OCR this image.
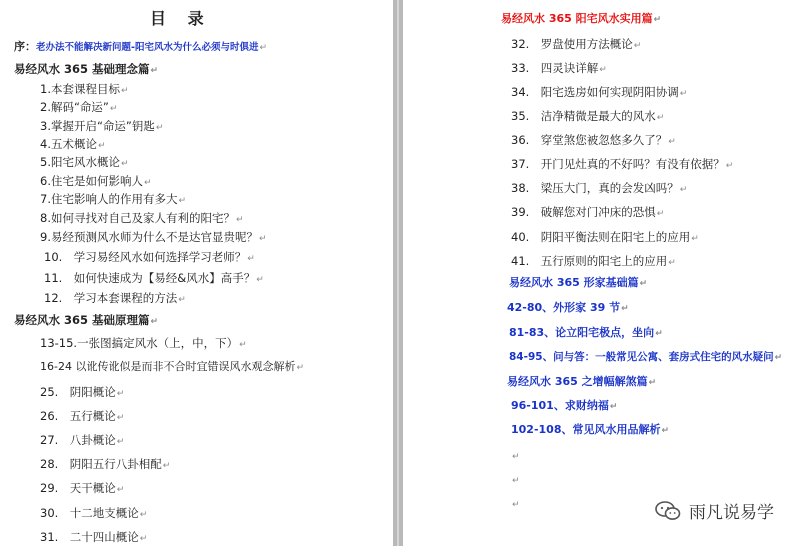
目 录
序：老办法不能解决新问题-阳宅风水为什么必须与时俱进↵
易经风水 365 基础理念篇↵
1.本套课程目标↵
2.解码“命运”↵
3.掌握开启“命运”钥匙↵
4.五术概论↵
5.阳宅风水概论↵
6.住宅是如何影响人↵
7.住宅影响人的作用有多大↵
8.如何寻找对自己及家人有利的阳宅？↵
9.易经预测风水师为什么不是达官显贵呢？↵
10.　学习易经风水如何选择学习老师？↵
11.　如何快速成为【易经&风水】高手？↵
12.　学习本套课程的方法↵
易经风水 365 基础原理篇↵
13-15.一张图搞定风水（上，中，下）↵
16-24 以讹传讹似是而非不合时宜错误风水观念解析↵
25.　阴阳概论↵
26.　五行概论↵
27.　八卦概论↵
28.　阴阳五行八卦相配↵
29.　天干概论↵
30.　十二地支概论↵
31.　二十四山概论↵
易经风水 365 阳宅风水实用篇↵
32.　罗盘使用方法概论↵
33.　四灵诀详解↵
34.　阳宅选房如何实现阴阳协调↵
35.　洁净精微是最大的风水↵
36.　穿堂煞您被忽悠多久了？↵
37.　开门见灶真的不好吗？有没有依据？↵
38.　梁压大门，真的会发凶吗？↵
39.　破解您对门冲床的恐惧↵
40.　阴阳平衡法则在阳宅上的应用↵
41.　五行原则的阳宅上的应用↵
易经风水 365 形家基础篇↵
42-80、外形家 39 节↵
81-83、论立阳宅极点，坐向↵
84-95、问与答：一般常见公寓、套房式住宅的风水疑问↵
易经风水 365 之增幅解煞篇↵
96-101、求财纳福↵
102-108、常见风水用品解析↵
↵
↵
↵	雨凡说易学
